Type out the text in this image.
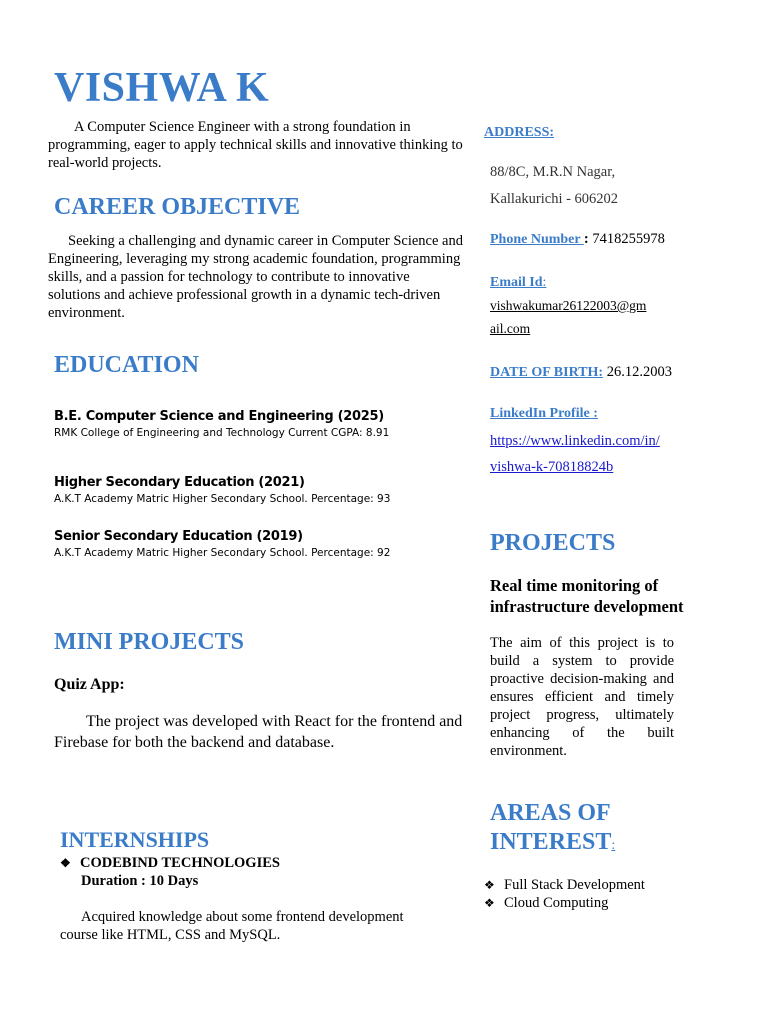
VISHWA K
A Computer Science Engineer with a strong foundation in programming, eager to apply technical skills and innovative thinking to real-world projects.
CAREER OBJECTIVE
Seeking a challenging and dynamic career in Computer Science and Engineering, leveraging my strong academic foundation, programming skills, and a passion for technology to contribute to innovative solutions and achieve professional growth in a dynamic tech-driven environment.
EDUCATION
B.E. Computer Science and Engineering (2025)
RMK College of Engineering and Technology Current CGPA: 8.91
Higher Secondary Education (2021)
A.K.T Academy Matric Higher Secondary School. Percentage: 93
Senior Secondary Education (2019)
A.K.T Academy Matric Higher Secondary School. Percentage: 92
MINI PROJECTS
Quiz App:
The project was developed with React for the frontend and Firebase for both the backend and database.
INTERNSHIPS
❖ CODEBIND TECHNOLOGIES
Duration : 10 Days
Acquired knowledge about some frontend development course like HTML, CSS and MySQL.
ADDRESS:
88/8C, M.R.N Nagar,
Kallakurichi - 606202
Phone Number : 7418255978
Email Id:
vishwakumar26122003@gm
ail.com
DATE OF BIRTH: 26.12.2003
LinkedIn Profile :
https://www.linkedin.com/in/
vishwa-k-70818824b
PROJECTS
Real time monitoring of infrastructure development
The aim of this project is to build a system to provide proactive decision-making and ensures efficient and timely project progress, ultimately enhancing of the built environment.
AREAS OF
INTEREST:
❖ Full Stack Development
❖ Cloud Computing
